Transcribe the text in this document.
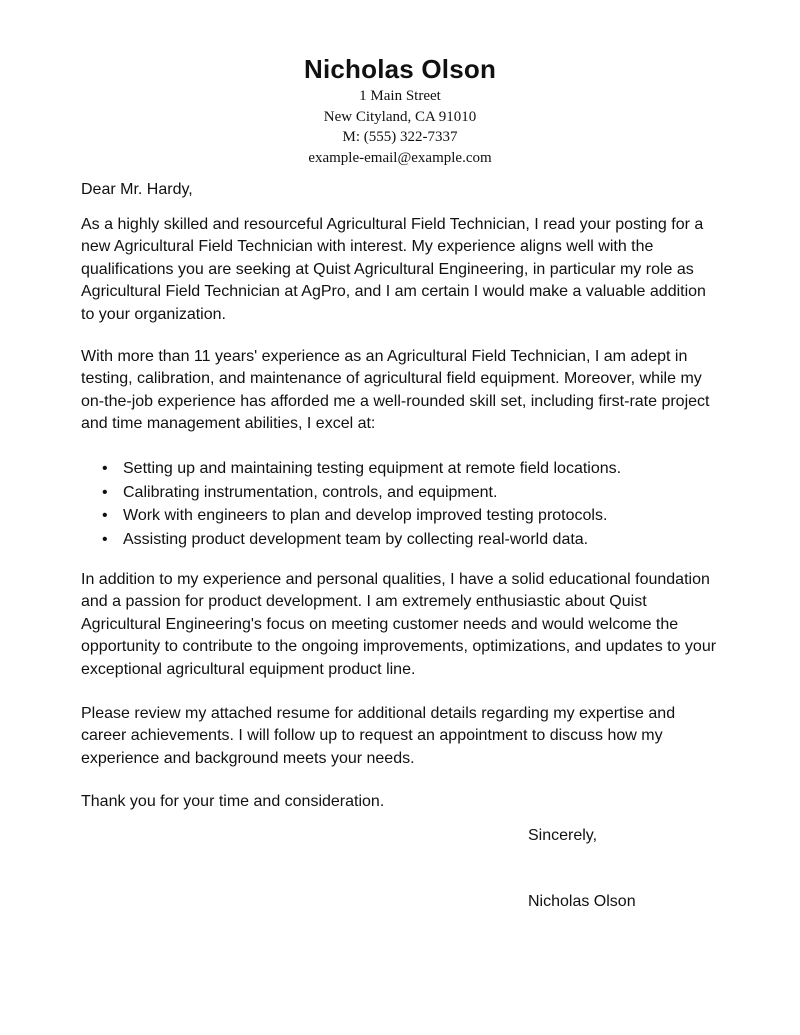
Nicholas Olson
1 Main Street
New Cityland, CA 91010
M: (555) 322-7337
example-email@example.com

Dear Mr. Hardy,

As a highly skilled and resourceful Agricultural Field Technician, I read your posting for a new Agricultural Field Technician with interest. My experience aligns well with the qualifications you are seeking at Quist Agricultural Engineering, in particular my role as Agricultural Field Technician at AgPro, and I am certain I would make a valuable addition to your organization.

With more than 11 years' experience as an Agricultural Field Technician, I am adept in testing, calibration, and maintenance of agricultural field equipment. Moreover, while my on-the-job experience has afforded me a well-rounded skill set, including first-rate project and time management abilities, I excel at:

• Setting up and maintaining testing equipment at remote field locations.
• Calibrating instrumentation, controls, and equipment.
• Work with engineers to plan and develop improved testing protocols.
• Assisting product development team by collecting real-world data.

In addition to my experience and personal qualities, I have a solid educational foundation and a passion for product development. I am extremely enthusiastic about Quist Agricultural Engineering's focus on meeting customer needs and would welcome the opportunity to contribute to the ongoing improvements, optimizations, and updates to your exceptional agricultural equipment product line.

Please review my attached resume for additional details regarding my expertise and career achievements. I will follow up to request an appointment to discuss how my experience and background meets your needs.

Thank you for your time and consideration.

Sincerely,
Nicholas Olson
